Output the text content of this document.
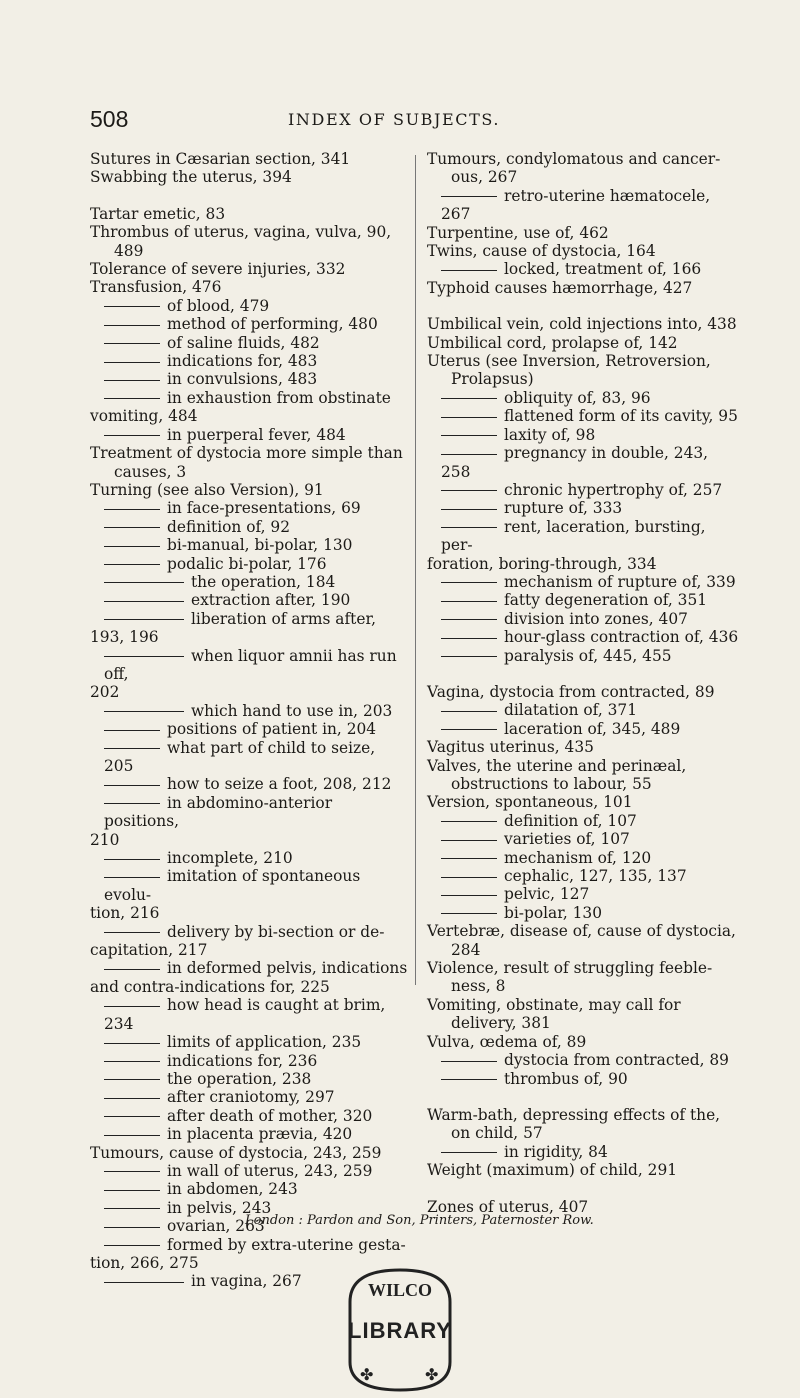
508	INDEX OF SUBJECTS.
Sutures in Cæsarian section, 341
Swabbing the uterus, 394
Tartar emetic, 83
Thrombus of uterus, vagina, vulva, 90, 489
Tolerance of severe injuries, 332
Transfusion, 476
of blood, 479
method of performing, 480
of saline fluids, 482
indications for, 483
in convulsions, 483
in exhaustion from obstinate
vomiting, 484
in puerperal fever, 484
Treatment of dystocia more simple than causes, 3
Turning (see also Version), 91
in face-presentations, 69
definition of, 92
bi-manual, bi-polar, 130
podalic bi-polar, 176
the operation, 184
extraction after, 190
liberation of arms after,
193, 196
when liquor amnii has run off,
202
which hand to use in, 203
positions of patient in, 204
what part of child to seize, 205
how to seize a foot, 208, 212
in abdomino-anterior positions,
210
incomplete, 210
imitation of spontaneous evolu-
tion, 216
delivery by bi-section or de-
capitation, 217
in deformed pelvis, indications
and contra-indications for, 225
how head is caught at brim, 234
limits of application, 235
indications for, 236
the operation, 238
after craniotomy, 297
after death of mother, 320
in placenta prævia, 420
Tumours, cause of dystocia, 243, 259
in wall of uterus, 243, 259
in abdomen, 243
in pelvis, 243
ovarian, 263
formed by extra-uterine gesta-
tion, 266, 275
in vagina, 267
Tumours, condylomatous and cancer- ous, 267
retro-uterine hæmatocele, 267
Turpentine, use of, 462
Twins, cause of dystocia, 164
locked, treatment of, 166
Typhoid causes hæmorrhage, 427
Umbilical vein, cold injections into, 438
Umbilical cord, prolapse of, 142
Uterus (see Inversion, Retroversion, Prolapsus)
obliquity of, 83, 96
flattened form of its cavity, 95
laxity of, 98
pregnancy in double, 243, 258
chronic hypertrophy of, 257
rupture of, 333
rent, laceration, bursting, per-
foration, boring-through, 334
mechanism of rupture of, 339
fatty degeneration of, 351
division into zones, 407
hour-glass contraction of, 436
paralysis of, 445, 455
Vagina, dystocia from contracted, 89
dilatation of, 371
laceration of, 345, 489
Vagitus uterinus, 435
Valves, the uterine and perinæal, obstructions to labour, 55
Version, spontaneous, 101
definition of, 107
varieties of, 107
mechanism of, 120
cephalic, 127, 135, 137
pelvic, 127
bi-polar, 130
Vertebræ, disease of, cause of dystocia, 284
Violence, result of struggling feeble- ness, 8
Vomiting, obstinate, may call for delivery, 381
Vulva, œdema of, 89
dystocia from contracted, 89
thrombus of, 90
Warm-bath, depressing effects of the, on child, 57
in rigidity, 84
Weight (maximum) of child, 291
Zones of uterus, 407
London : Pardon and Son, Printers, Paternoster Row.
WILCO
LIBRARY
✤	✤
